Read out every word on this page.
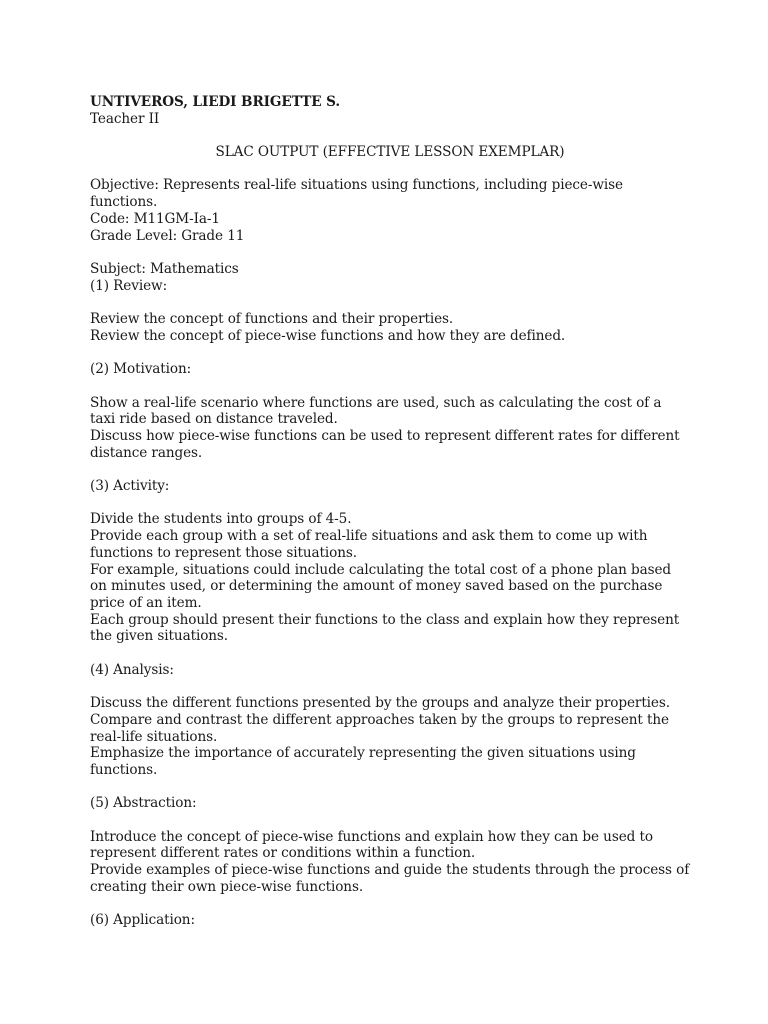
UNTIVEROS, LIEDI BRIGETTE S.

Teacher II

SLAC OUTPUT (EFFECTIVE LESSON EXEMPLAR)

Objective: Represents real-life situations using functions, including piece-wise functions.

Code: M11GM-Ia-1

Grade Level: Grade 11

Subject: Mathematics

(1) Review:

Review the concept of functions and their properties.

Review the concept of piece-wise functions and how they are defined.

(2) Motivation:

Show a real-life scenario where functions are used, such as calculating the cost of a taxi ride based on distance traveled.

Discuss how piece-wise functions can be used to represent different rates for different distance ranges.

(3) Activity:

Divide the students into groups of 4-5.

Provide each group with a set of real-life situations and ask them to come up with functions to represent those situations.

For example, situations could include calculating the total cost of a phone plan based on minutes used, or determining the amount of money saved based on the purchase price of an item.

Each group should present their functions to the class and explain how they represent the given situations.

(4) Analysis:

Discuss the different functions presented by the groups and analyze their properties.

Compare and contrast the different approaches taken by the groups to represent the real-life situations.

Emphasize the importance of accurately representing the given situations using functions.

(5) Abstraction:

Introduce the concept of piece-wise functions and explain how they can be used to represent different rates or conditions within a function.

Provide examples of piece-wise functions and guide the students through the process of creating their own piece-wise functions.

(6) Application:
